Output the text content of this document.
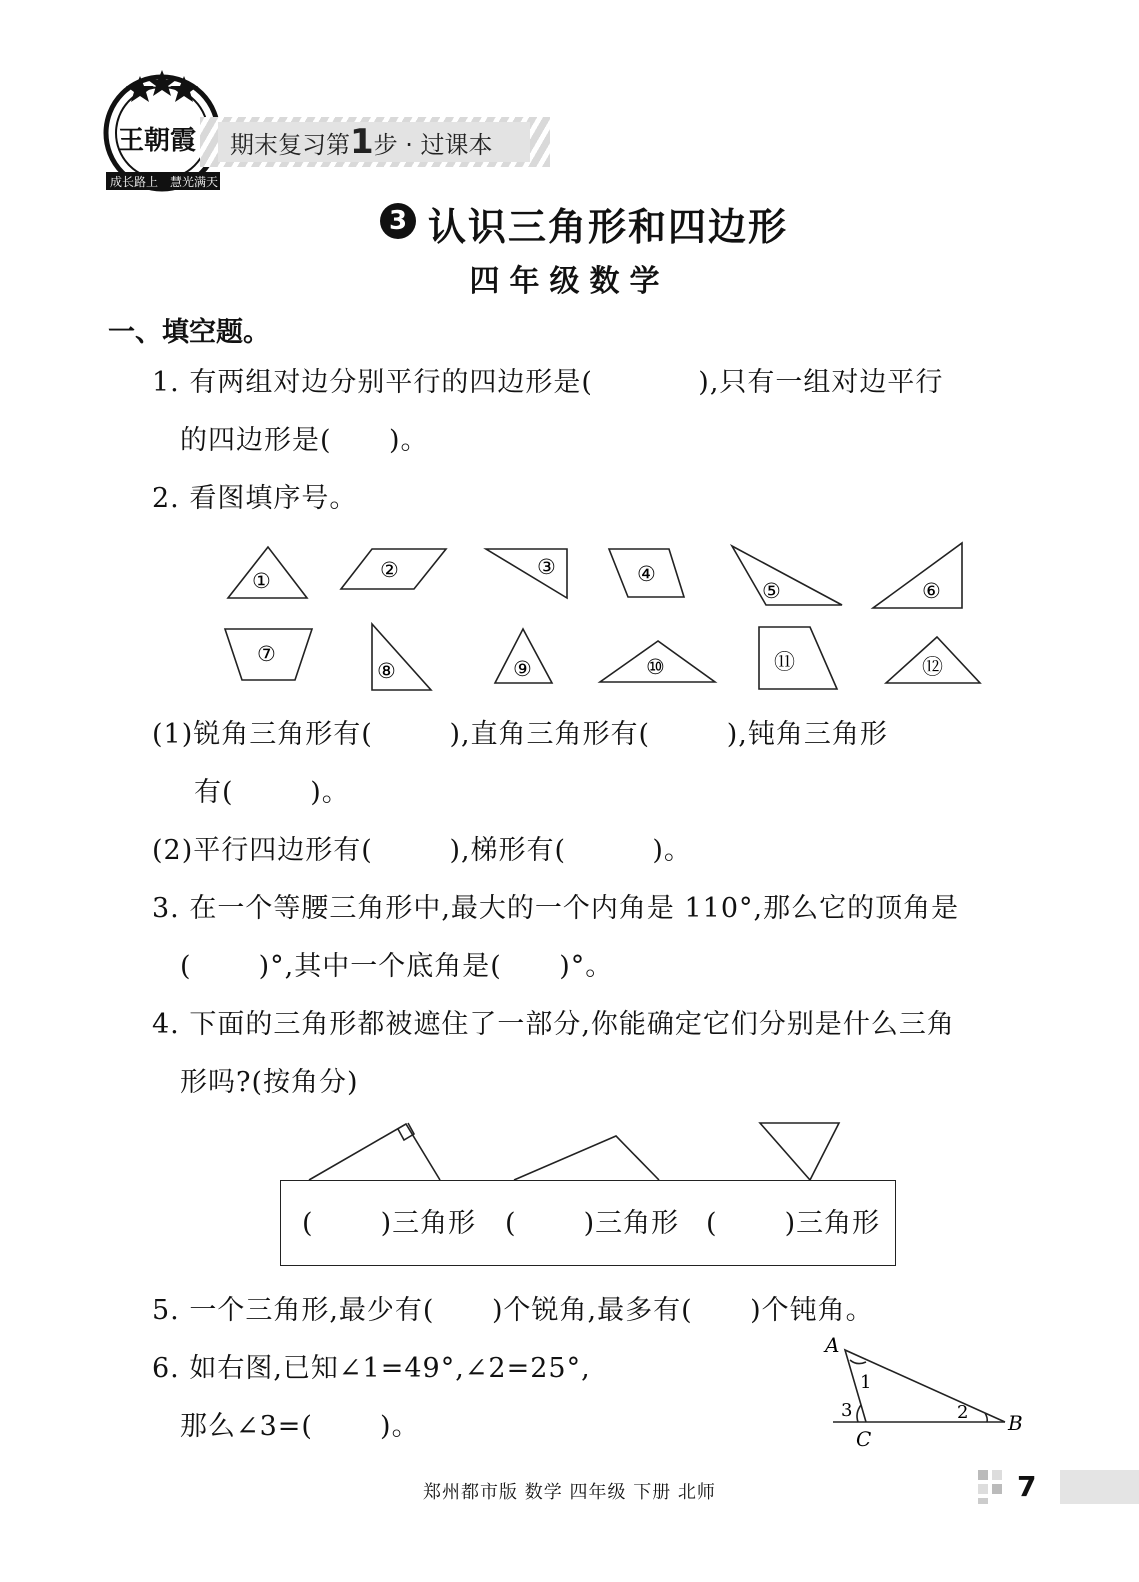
王朝霞
成长路上 慧光满天
期末复习第1步 · 过课本
3 认识三角形和四边形
四年级数学
一、填空题。
1. 有两组对边分别平行的四边形是(           ),只有一组对边平行
的四边形是(      )。
2. 看图填序号。
①	②	③	④
⑤	⑥
⑦
⑧	⑨	⑩	⑪	⑫
(1)锐角三角形有(        ),直角三角形有(        ),钝角三角形
有(        )。
(2)平行四边形有(        ),梯形有(         )。
3. 在一个等腰三角形中,最大的一个内角是 110°,那么它的顶角是
(       )°,其中一个底角是(      )°。
4. 下面的三角形都被遮住了一部分,你能确定它们分别是什么三角
形吗?(按角分)
(       )三角形 (       )三角形 (       )三角形
5. 一个三角形,最少有(      )个锐角,最多有(      )个钝角。
6. 如右图,已知∠1=49°,∠2=25°,
那么∠3=(       )。
A
B
C
1
2
3
郑州都市版 数学 四年级 下册 北师	7
